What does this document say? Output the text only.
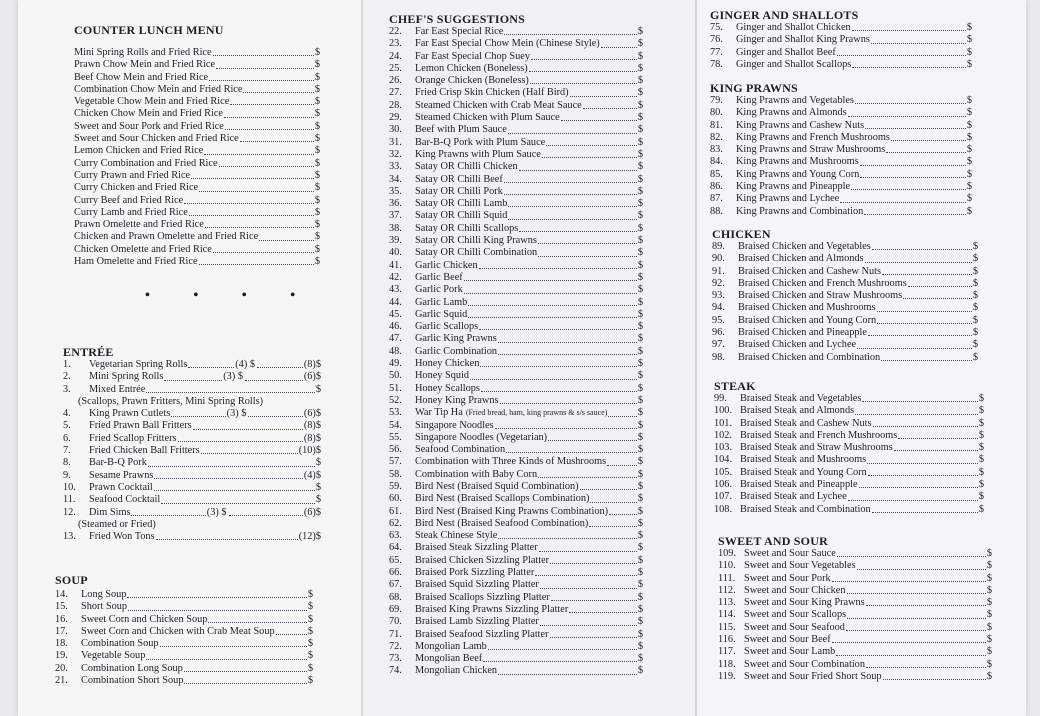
COUNTER LUNCH MENU
Mini Spring Rolls and Fried Rice	$
Prawn Chow Mein and Fried Rice	$
Beef Chow Mein and Fried Rice	$
Combination Chow Mein and Fried Rice	$
Vegetable Chow Mein and Fried Rice	$
Chicken Chow Mein and Fried Rice	$
Sweet and Sour Pork and Fried Rice	$
Sweet and Sour Chicken and Fried Rice	$
Lemon Chicken and Fried Rice	$
Curry Combination and Fried Rice	$
Curry Prawn and Fried Rice	$
Curry Chicken and Fried Rice	$
Curry Beef and Fried Rice	$
Curry Lamb and Fried Rice	$
Prawn Omelette and Fried Rice	$
Chicken and Prawn Omelette and Fried Rice	$
Chicken Omelette and Fried Rice	$
Ham Omelette and Fried Rice	$
• • • •
ENTRÉE
1.	Vegetarian Spring Rolls	(4) $	(8)$
2.	Mini Spring Rolls	(3) $	(6)$
3.	Mixed Entrée	$
(Scallops, Prawn Fritters, Mini Spring Rolls)
4.	King Prawn Cutlets	(3) $	(6)$
5.	Fried Prawn Ball Fritters	(8)$
6.	Fried Scallop Fritters	(8)$
7.	Fried Chicken Ball Fritters	(10)$
8.	Bar-B-Q Pork	$
9.	Sesame Prawns	(4)$
10.	Prawn Cocktail	$
11.	Seafood Cocktail	$
12.	Dim Sims	(3) $	(6)$
(Steamed or Fried)
13.	Fried Won Tons	(12)$
SOUP
14.	Long Soup	$
15.	Short Soup	$
16.	Sweet Corn and Chicken Soup	$
17.	Sweet Corn and Chicken with Crab Meat Soup	$
18.	Combination Soup	$
19.	Vegetable Soup	$
20.	Combination Long Soup	$
21.	Combination Short Soup	$
CHEF'S SUGGESTIONS
22.	Far East Special Rice	$
23.	Far East Special Chow Mein (Chinese Style)	$
24.	Far East Special Chop Suey	$
25.	Lemon Chicken (Boneless)	$
26.	Orange Chicken (Boneless)	$
27.	Fried Crisp Skin Chicken (Half Bird)	$
28.	Steamed Chicken with Crab Meat Sauce	$
29.	Steamed Chicken with Plum Sauce	$
30.	Beef with Plum Sauce	$
31.	Bar-B-Q Pork with Plum Sauce	$
32.	King Prawns with Plum Sauce	$
33.	Satay OR Chilli Chicken	$
34.	Satay OR Chilli Beef	$
35.	Satay OR Chilli Pork	$
36.	Satay OR Chilli Lamb	$
37.	Satay OR Chilli Squid	$
38.	Satay OR Chilli Scallops	$
39.	Satay OR Chilli King Prawns	$
40.	Satay OR Chilli Combination	$
41.	Garlic Chicken	$
42.	Garlic Beef	$
43.	Garlic Pork	$
44.	Garlic Lamb	$
45.	Garlic Squid	$
46.	Garlic Scallops	$
47.	Garlic King Prawns	$
48.	Garlic Combination	$
49.	Honey Chicken	$
50.	Honey Squid	$
51.	Honey Scallops	$
52.	Honey King Prawns	$
53.	War Tip Ha (Fried bread, ham, king prawns & s/s sauce)	$
54.	Singapore Noodles	$
55.	Singapore Noodles (Vegetarian)	$
56.	Seafood Combination	$
57.	Combination with Three Kinds of Mushrooms	$
58.	Combination with Baby Corn	$
59.	Bird Nest (Braised Squid Combination)	$
60.	Bird Nest (Braised Scallops Combination)	$
61.	Bird Nest (Braised King Prawns Combination)	$
62.	Bird Nest (Braised Seafood Combination)	$
63.	Steak Chinese Style	$
64.	Braised Steak Sizzling Platter	$
65.	Braised Chicken Sizzling Platter	$
66.	Braised Pork Sizzling Platter	$
67.	Braised Squid Sizzling Platter	$
68.	Braised Scallops Sizzling Platter	$
69.	Braised King Prawns Sizzling Platter	$
70.	Braised Lamb Sizzling Platter	$
71.	Braised Seafood Sizzling Platter	$
72.	Mongolian Lamb	$
73.	Mongolian Beef	$
74.	Mongolian Chicken	$
GINGER AND SHALLOTS
75.	Ginger and Shallot Chicken	$
76.	Ginger and Shallot King Prawns	$
77.	Ginger and Shallot Beef	$
78.	Ginger and Shallot Scallops	$
KING PRAWNS
79.	King Prawns and Vegetables	$
80.	King Prawns and Almonds	$
81.	King Prawns and Cashew Nuts	$
82.	King Prawns and French Mushrooms	$
83.	King Prawns and Straw Mushrooms	$
84.	King Prawns and Mushrooms	$
85.	King Prawns and Young Corn	$
86.	King Prawns and Pineapple	$
87.	King Prawns and Lychee	$
88.	King Prawns and Combination	$
CHICKEN
89.	Braised Chicken and Vegetables	$
90.	Braised Chicken and Almonds	$
91.	Braised Chicken and Cashew Nuts	$
92.	Braised Chicken and French Mushrooms	$
93.	Braised Chicken and Straw Mushrooms	$
94.	Braised Chicken and Mushrooms	$
95.	Braised Chicken and Young Corn	$
96.	Braised Chicken and Pineapple	$
97.	Braised Chicken and Lychee	$
98.	Braised Chicken and Combination	$
STEAK
99.	Braised Steak and Vegetables	$
100. Braised Steak and Almonds	$
101. Braised Steak and Cashew Nuts	$
102. Braised Steak and French Mushrooms	$
103. Braised Steak and Straw Mushrooms	$
104. Braised Steak and Mushrooms	$
105. Braised Steak and Young Corn	$
106. Braised Steak and Pineapple	$
107. Braised Steak and Lychee	$
108. Braised Steak and Combination	$
SWEET AND SOUR
109. Sweet and Sour Sauce	$
110. Sweet and Sour Vegetables	$
111. Sweet and Sour Pork	$
112. Sweet and Sour Chicken	$
113. Sweet and Sour King Prawns	$
114. Sweet and Sour Scallops	$
115. Sweet and Sour Seafood	$
116. Sweet and Sour Beef	$
117. Sweet and Sour Lamb	$
118. Sweet and Sour Combination	$
119. Sweet and Sour Fried Short Soup	$
